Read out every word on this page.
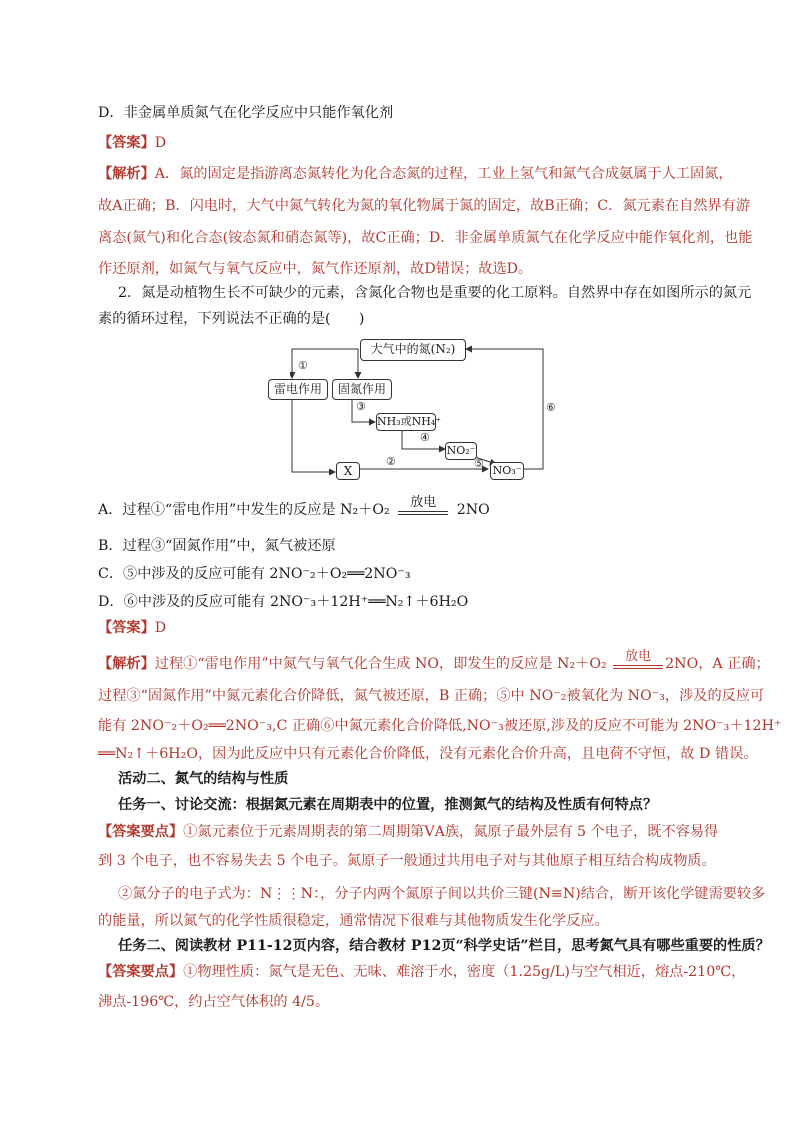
D．非金属单质氮气在化学反应中只能作氧化剂
【答案】D
【解析】A．氮的固定是指游离态氮转化为化合态氮的过程，工业上氢气和氮气合成氨属于人工固氮，
故A正确；B．闪电时，大气中氮气转化为氮的氧化物属于氮的固定，故B正确；C．氮元素在自然界有游
离态(氮气)和化合态(铵态氮和硝态氮等)，故C正确；D．非金属单质氮气在化学反应中能作氧化剂，也能
作还原剂，如氮气与氧气反应中，氮气作还原剂，故D错误；故选D。
2．氮是动植物生长不可缺少的元素，含氮化合物也是重要的化工原料。自然界中存在如图所示的氮元
素的循环过程，下列说法不正确的是(　　)
大气中的氮(N₂)
雷电作用	固氮作用
NH₃或NH₄⁺
NO₂⁻
X	NO₃⁻
①
③
④
②	⑤
⑥
A．过程①“雷电作用”中发生的反应是 N₂＋O₂	放电	2NO
B．过程③“固氮作用”中，氮气被还原
C．⑤中涉及的反应可能有 2NO⁻₂＋O₂══2NO⁻₃
D．⑥中涉及的反应可能有 2NO⁻₃＋12H⁺══N₂↑＋6H₂O
【答案】D
【解析】过程①“雷电作用”中氮气与氧气化合生成 NO，即发生的反应是 N₂＋O₂	放电 2NO，A 正确；
过程③“固氮作用”中氮元素化合价降低，氮气被还原，B 正确；⑤中 NO⁻₂被氧化为 NO⁻₃，涉及的反应可
能有 2NO⁻₂＋O₂══2NO⁻₃,C 正确⑥中氮元素化合价降低,NO⁻₃被还原,涉及的反应不可能为 2NO⁻₃＋12H⁺
══N₂↑＋6H₂O，因为此反应中只有元素化合价降低，没有元素化合价升高，且电荷不守恒，故 D 错误。
活动二、氮气的结构与性质
任务一、讨论交流：根据氮元素在周期表中的位置，推测氮气的结构及性质有何特点？
【答案要点】①氮元素位于元素周期表的第二周期第ⅤA族，氮原子最外层有 5 个电子，既不容易得
到 3 个电子，也不容易失去 5 个电子。氮原子一般通过共用电子对与其他原子相互结合构成物质。
②氮分子的电子式为：N⋮⋮N：，分子内两个氮原子间以共价三键(N≡N)结合，断开该化学键需要较多
的能量，所以氮气的化学性质很稳定，通常情况下很难与其他物质发生化学反应。
任务二、阅读教材 P11-12页内容，结合教材 P12页“科学史话”栏目，思考氮气具有哪些重要的性质？
【答案要点】①物理性质：氮气是无色、无味、难溶于水，密度（1.25g/L)与空气相近，熔点-210℃，
沸点-196℃，约占空气体积的 4/5。
